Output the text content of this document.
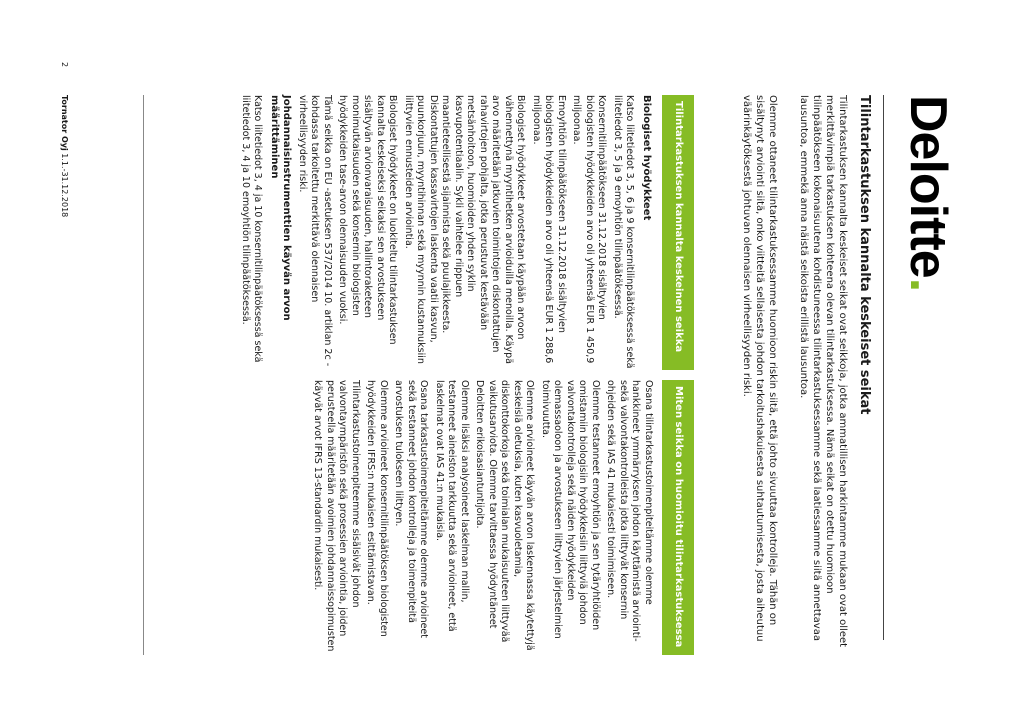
Deloitte.
Tilintarkastuksen kannalta keskeiset seikat
Tilintarkastuksen kannalta keskeiset seikat ovat seikkoja, jotka ammatillisen harkintamme mukaan ovat olleet merkittävimpiä tarkastuksen kohteena olevan tilintarkastuksessa. Nämä seikat on otettu huomioon tilinpäätökseen kokonaisuutena kohdistuneessa tilintarkastuksessamme sekä laatiessamme siitä annettavaa lausuntoa, emmekä anna näistä seikoista erillistä lausuntoa.
Olemme ottaneet tilintarkastuksessamme huomioon riskin siitä, että johto sivuuttaa kontrolleja. Tähän on sisältynyt arviointi siitä, onko viitteitä sellaisesta johdon tarkoitushakuisesta suhtautumisesta, josta aiheutuu väärinkäytöksestä johtuvan olennaisen virheellisyyden riski.
Tilintarkastuksen kannalta keskeinen seikka
Miten seikka on huomioitu tilintarkastuksessa

Biologiset hyödykkeet

Katso liitetiedot 3, 5, 6 ja 9 konsernitilinpäätöksessä sekä liitetiedot 3, 5 ja 9 emoyhtiön tilinpäätöksessä.

Konsernitilinpäätökseen 31.12.2018 sisältyvien biologisten hyödykkeiden arvo oli yhteensä EUR 1 450,9 miljoonaa.

Emoyhtiön tilinpäätökseen 31.12.2018 sisältyvien biologisten hyödykkeiden arvo oli yhteensä EUR 1 288,6 miljoonaa.

Biologiset hyödykkeet arvostetaan käypään arvoon vähennettynä myyntihetken arvioiduilla menoilla. Käypä arvo määritetään jatkuvien toimintojen diskontattujen rahavirtojen pohjalta, jotka perustuvat kestävään metsänhoitoon, huomioiden yhden syklin kasvupotentiaalin. Sykli vaihtelee riippuen maantieteellisestä sijainnista sekä puulajikkeesta. Diskontattujen kassavirtojen laskenta vaatii kasvun, puunkorjuun, myyntihinnan sekä myynnin kustannuksiin liittyvien ennusteiden arviointia.

Biologiset hyödykkeet on luokiteltu tilintarkastuksen kannalta keskeiseksi seikaksi sen arvostukseen sisältyvän arvionvaraisuuden, hallintoraketeen monimutkaisuuden sekä konsernin biologisten hyödykkeiden tase-arvon olennaisuuden vuoksi.

Tämä seikka on EU -asetuksen 537/2014 10. artiklan 2c -kohdassa tarkoitettu merkittävä olennaisen virheellisyyden riski.

Johdannaisinstrumenttien käyvän arvon määrittäminen

Katso liitetiedot 3, 4 ja 10 konsernitilinpäätöksessä sekä liitetiedot 3, 4 ja 10 emoyhtiön tilinpäätöksessä.

Osana tilintarkastustoimenpiteitämme olemme hankkineet ymmärryksen johdon käyttämistä arviointi- sekä valvontakontrolleista jotka liittyvät konsernin ohjeiden sekä IAS 41 mukaisesti toimimiseen.

Olemme testanneet emoyhtiön ja sen tytäryhtiöiden omistamiin biologisiin hyödykkeisiin liittyviä johdon valvontakontrolleja sekä näiden hyödykkeiden olemassaoloon ja arvostukseen liittyvien järjestelmien toimivuutta.

Olemme arvioineet käyvän arvon laskennassa käytettyjä keskeisiä oletuksia, kuten kasvuoletamia, diskonttokorkoja sekä toimialan mukaisuuteen liittyvää vaikutusarviota. Olemme tarvittaessa hyödyntäneet Deloitten erikoisasiantuntijoita.

Olemme lisäksi analysoineet laskelman mallin, testanneet aineiston tarkkuutta sekä arvioineet, että laskelmat ovat IAS 41:n mukaisia.

Osana tarkastustoimenpiteitämme olemme arvioineet sekä testanneet johdon kontrolleja ja toimenpiteitä arvostuksen tulokseen liittyen.

Olemme arvioineet konsernitilinpäätöksen biologisten hyödykkeiden IFRS:n mukaisen esittämistavan.

Tilintarkastustoimenpiteemme sisälsivät johdon valvontaympäristön sekä prosessien arviointia, joiden perusteella määritetään avoimien johdannaissopimusten käyvät arvot IFRS 13-standardin mukaisesti.

Tornator Oyj 1.1.-31.12.2018
2
